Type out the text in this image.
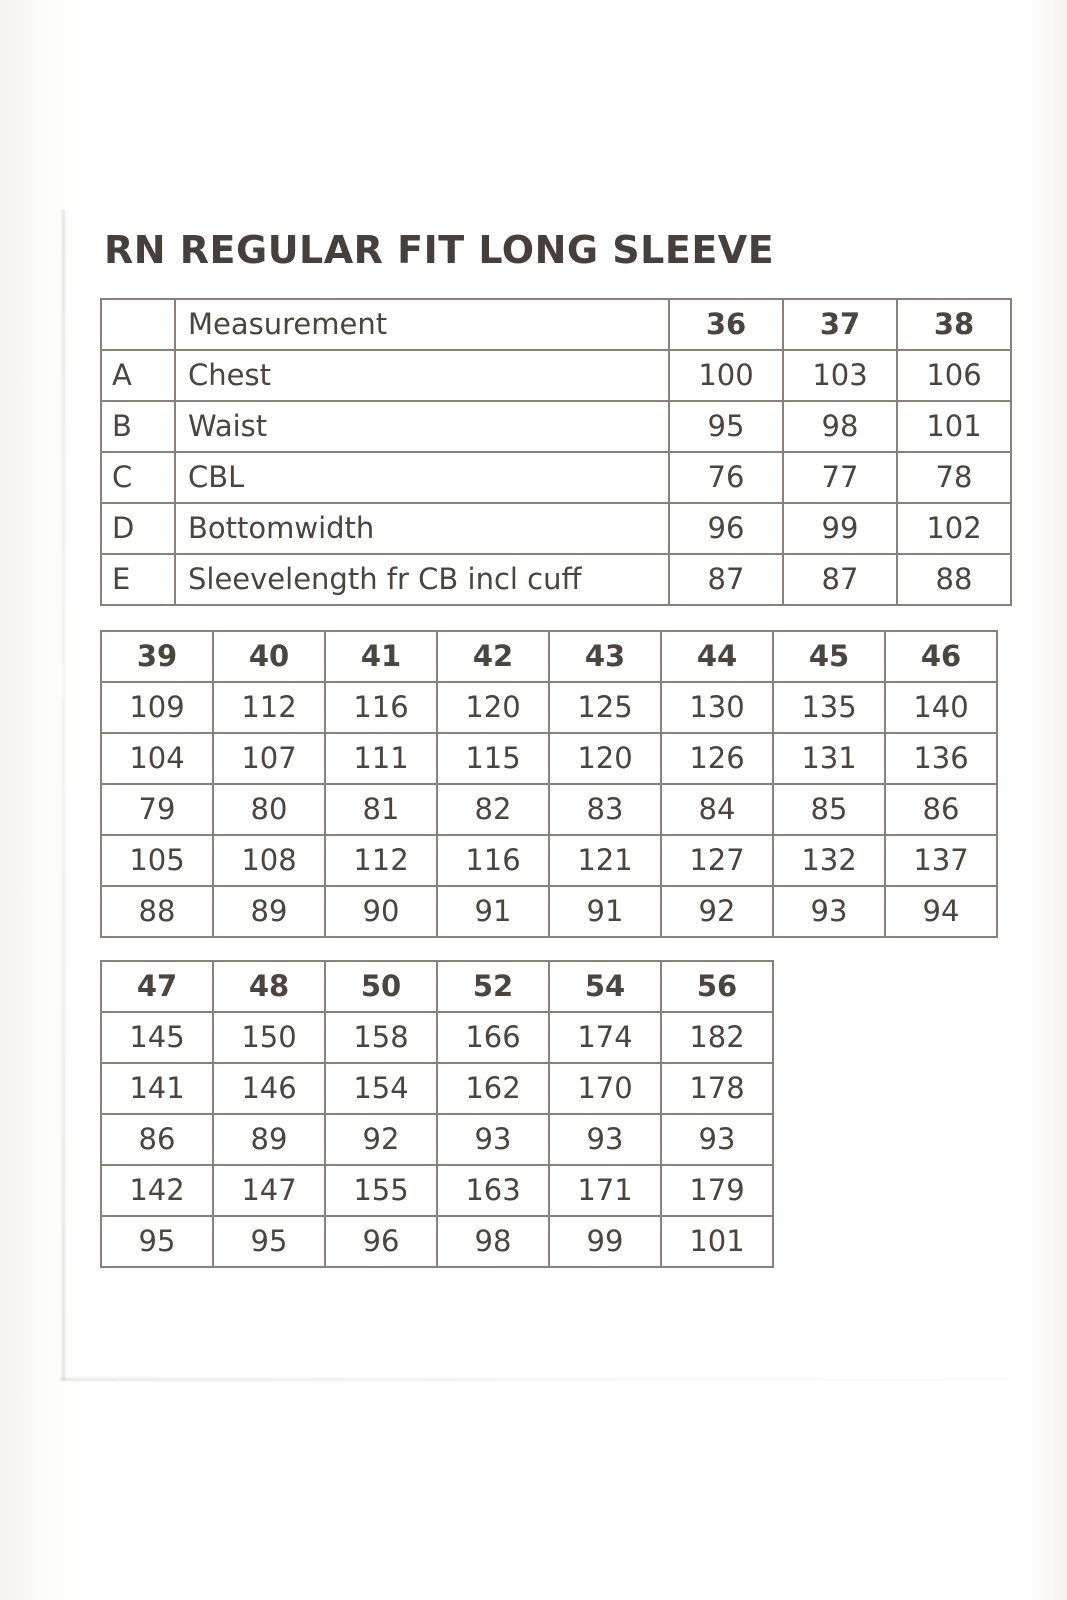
RN REGULAR FIT LONG SLEEVE
	Measurement	36	37	38
A	Chest	100	103	106
B	Waist	95	98	101
C	CBL	76	77	78
D	Bottomwidth	96	99	102
E	Sleevelength fr CB incl cuff	87	87	88
39	40	41	42	43	44	45	46
109	112	116	120	125	130	135	140
104	107	111	115	120	126	131	136
79	80	81	82	83	84	85	86
105	108	112	116	121	127	132	137
88	89	90	91	91	92	93	94
47	48	50	52	54	56
145	150	158	166	174	182
141	146	154	162	170	178
86	89	92	93	93	93
142	147	155	163	171	179
95	95	96	98	99	101
